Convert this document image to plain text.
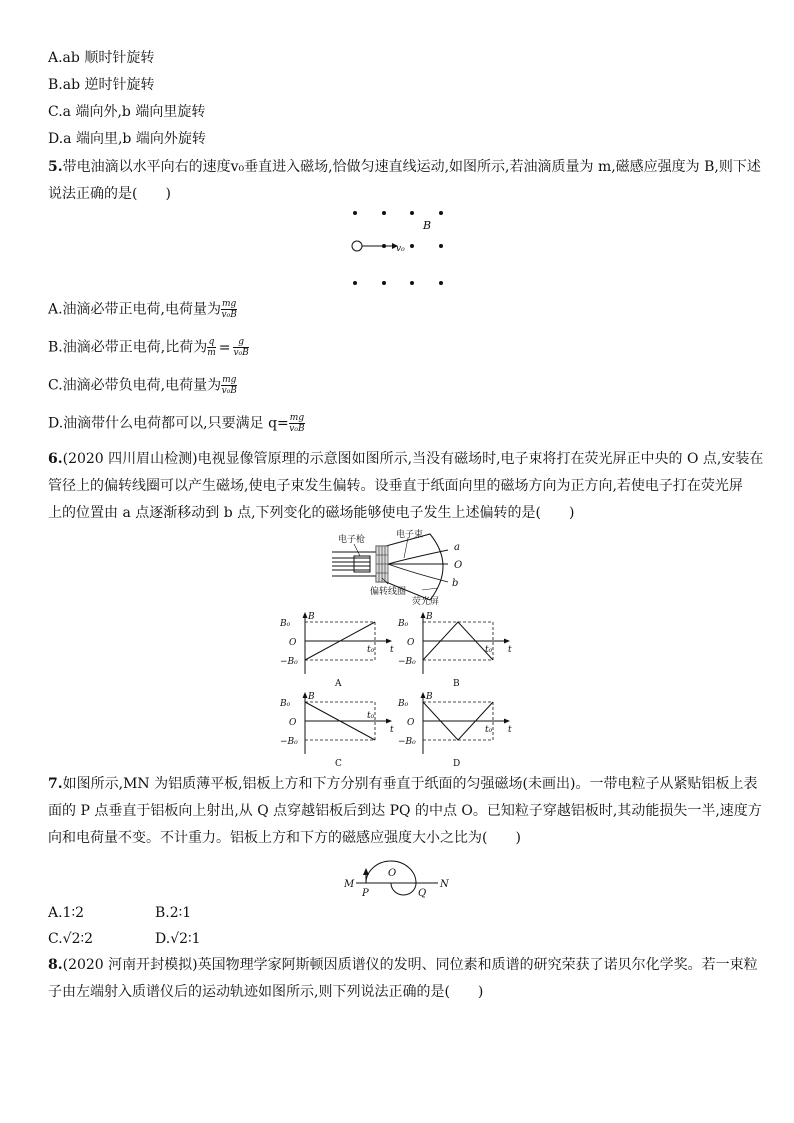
A.ab 顺时针旋转
B.ab 逆时针旋转
C.a 端向外,b 端向里旋转
D.a 端向里,b 端向外旋转
5.带电油滴以水平向右的速度v₀垂直进入磁场,恰做匀速直线运动,如图所示,若油滴质量为 m,磁感应强度为 B,则下述
说法正确的是(　　)
v₀
B
A.油滴必带正电荷,电荷量为 $\frac{mg}{\text{v₀B}}$
B.油滴必带正电荷,比荷为 $\frac{q}{m} = \frac{g}{\text{v₀B}}$
C.油滴必带负电荷,电荷量为 $\frac{mg}{\text{v₀B}}$
D.油滴带什么电荷都可以,只要满足 $q= \frac{mg}{\text{v₀B}}$
6.(2020 四川眉山检测)电视显像管原理的示意图如图所示,当没有磁场时,电子束将打在荧光屏正中央的 O 点,安装在
管径上的偏转线圈可以产生磁场,使电子束发生偏转。设垂直于纸面向里的磁场方向为正方向,若使电子打在荧光屏
上的位置由 a 点逐渐移动到 b 点,下列变化的磁场能够使电子发生上述偏转的是(　　)
电子枪	电子束
偏转线圈
荧光屏
a
O
b
B₀
B
O
−B₀
t₀ t
A
B₀
B
O
−B₀
t₀ t
B
B₀
B
O
−B₀
t₀
t
C
B₀
B
O
−B₀
t₀ t
D
7.如图所示,MN 为铝质薄平板,铝板上方和下方分别有垂直于纸面的匀强磁场(未画出)。一带电粒子从紧贴铝板上表
面的 P 点垂直于铝板向上射出,从 Q 点穿越铝板后到达 PQ 的中点 O。已知粒子穿越铝板时,其动能损失一半,速度方
向和电荷量不变。不计重力。铝板上方和下方的磁感应强度大小之比为(　　)
M
P
O
Q
N
A.1∶2	B.2∶1
C.√2∶2	D.√2∶1
8.(2020 河南开封模拟)英国物理学家阿斯顿因质谱仪的发明、同位素和质谱的研究荣获了诺贝尔化学奖。若一束粒
子由左端射入质谱仪后的运动轨迹如图所示,则下列说法正确的是(　　)
